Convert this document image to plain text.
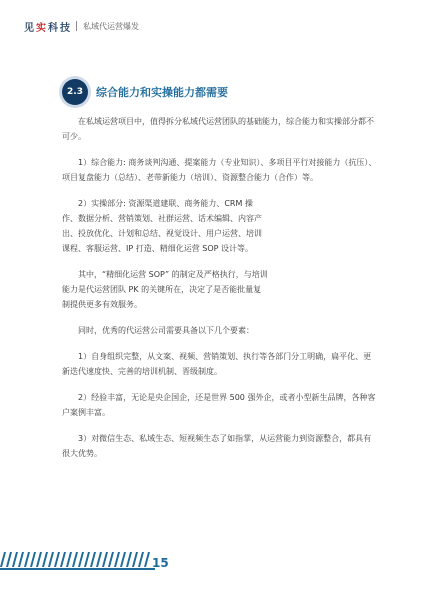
见实科技 私域代运营爆发
2.3	综合能力和实操能力都需要

在私域运营项目中，值得拆分私域代运营团队的基础能力，综合能力和实操部分都不可少。

1）综合能力: 商务谈判沟通、提案能力（专业知识）、多项目平行对接能力（抗压）、项目复盘能力（总结）、老带新能力（培训）、资源整合能力（合作）等。

2）实操部分: 资源渠道建联、商务能力、CRM 操作、数据分析、营销策划、社群运营、话术编辑、内容产出、投放优化、计划和总结、视觉设计、用户运营、培训课程、客服运营、IP 打造、精细化运营 SOP 设计等。

其中，“精细化运营 SOP” 的制定及严格执行，与培训能力是代运营团队 PK 的关键所在，决定了是否能批量复制提供更多有效服务。

同时，优秀的代运营公司需要具备以下几个要素：

1）自身组织完整，从文案、视频、营销策划、执行等各部门分工明确，扁平化、更新迭代速度快、完善的培训机制、晋级制度。

2）经验丰富，无论是央企国企，还是世界 500 强外企，或者小型新生品牌，各种客户案例丰富。

3）对微信生态、私域生态、短视频生态了如指掌，从运营能力到资源整合，都具有很大优势。

15
